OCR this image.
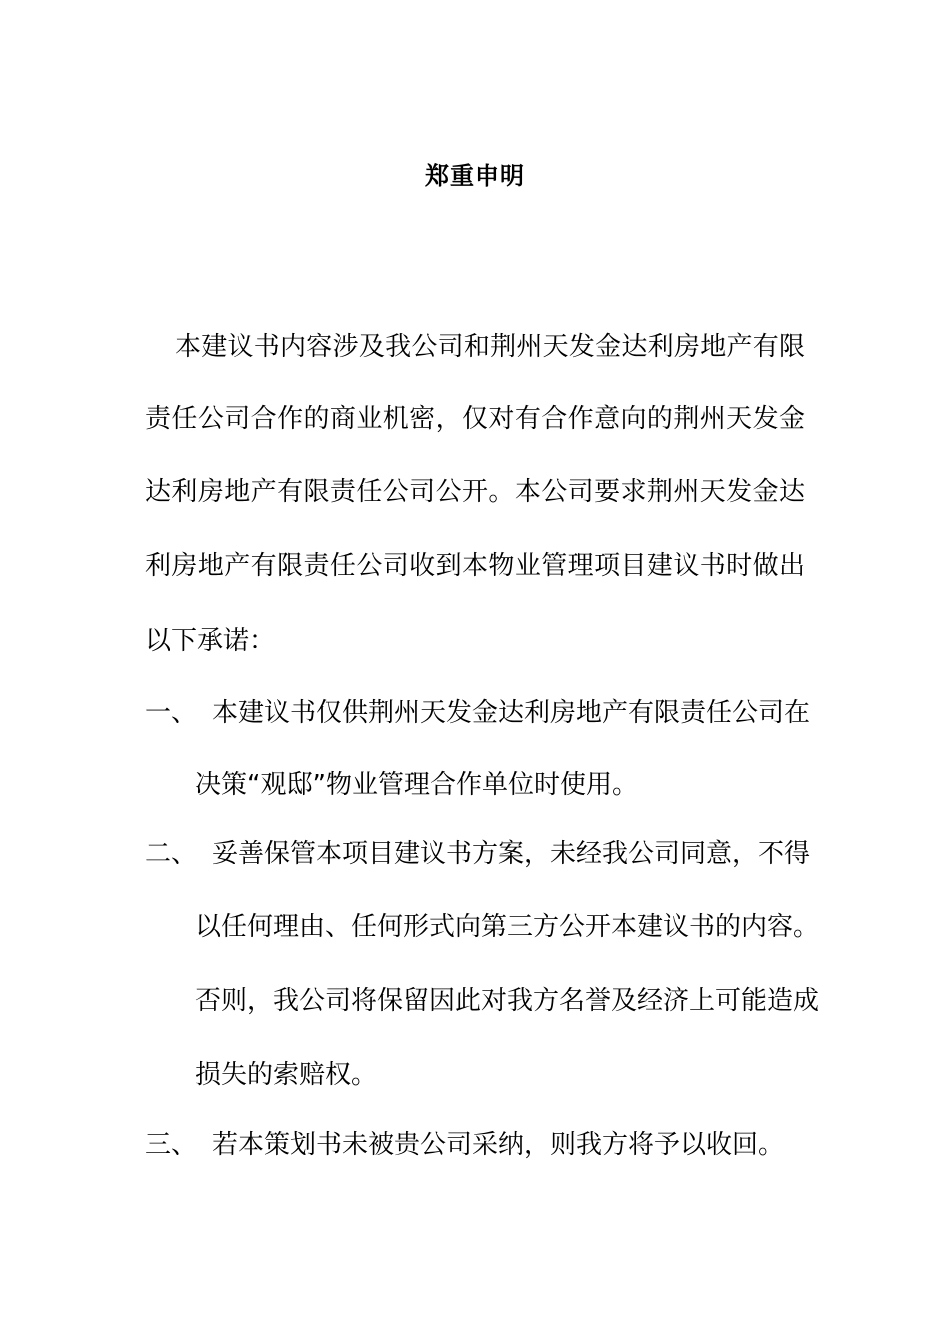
郑重申明
本建议书内容涉及我公司和荆州天发金达利房地产有限
责任公司合作的商业机密，仅对有合作意向的荆州天发金
达利房地产有限责任公司公开。本公司要求荆州天发金达
利房地产有限责任公司收到本物业管理项目建议书时做出
以下承诺：
一、 本建议书仅供荆州天发金达利房地产有限责任公司在
决策“观邸”物业管理合作单位时使用。
二、 妥善保管本项目建议书方案，未经我公司同意，不得
以任何理由、任何形式向第三方公开本建议书的内容。
否则，我公司将保留因此对我方名誉及经济上可能造成
损失的索赔权。
三、 若本策划书未被贵公司采纳，则我方将予以收回。
